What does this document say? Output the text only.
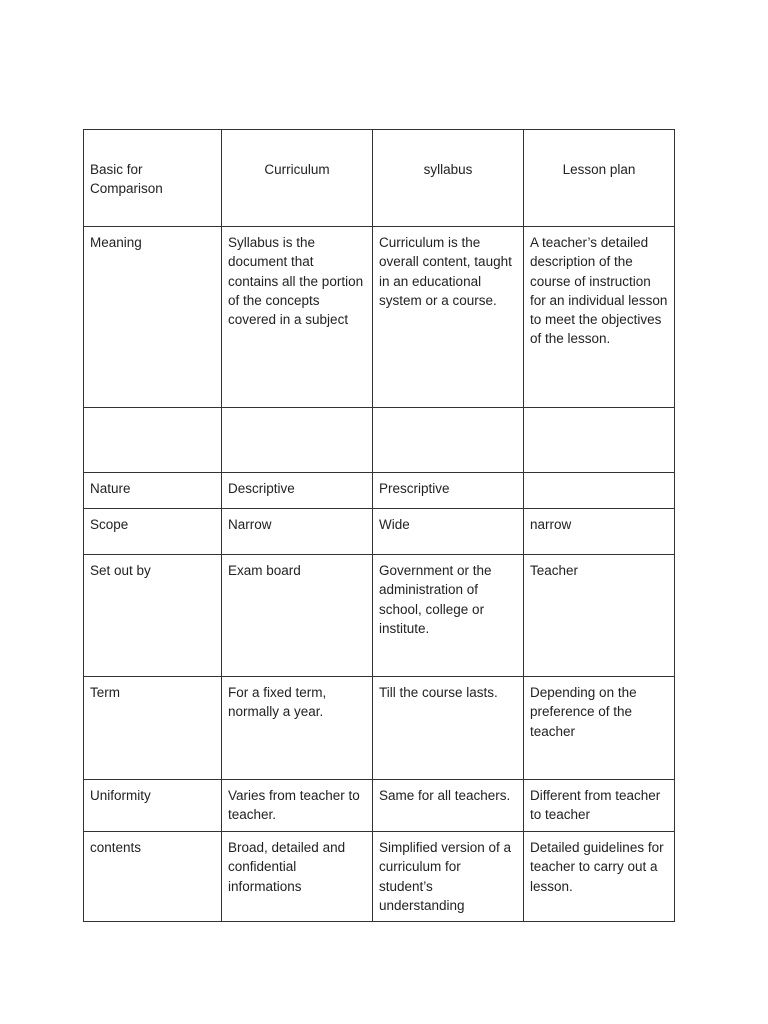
Basic for Comparison	Curriculum	syllabus	Lesson plan
Meaning	Syllabus is the document that contains all the portion of the concepts covered in a subject	Curriculum is the overall content, taught in an educational system or a course.	A teacher’s detailed description of the course of instruction for an individual lesson to meet the objectives of the lesson.

Nature	Descriptive	Prescriptive	
Scope	Narrow	Wide	narrow
Set out by	Exam board	Government or the administration of school, college or institute.	Teacher
Term	For a fixed term, normally a year.	Till the course lasts.	Depending on the preference of the teacher
Uniformity	Varies from teacher to teacher.	Same for all teachers.	Different from teacher to teacher
contents	Broad, detailed and confidential informations	Simplified version of a curriculum for student’s understanding	Detailed guidelines for teacher to carry out a lesson.
